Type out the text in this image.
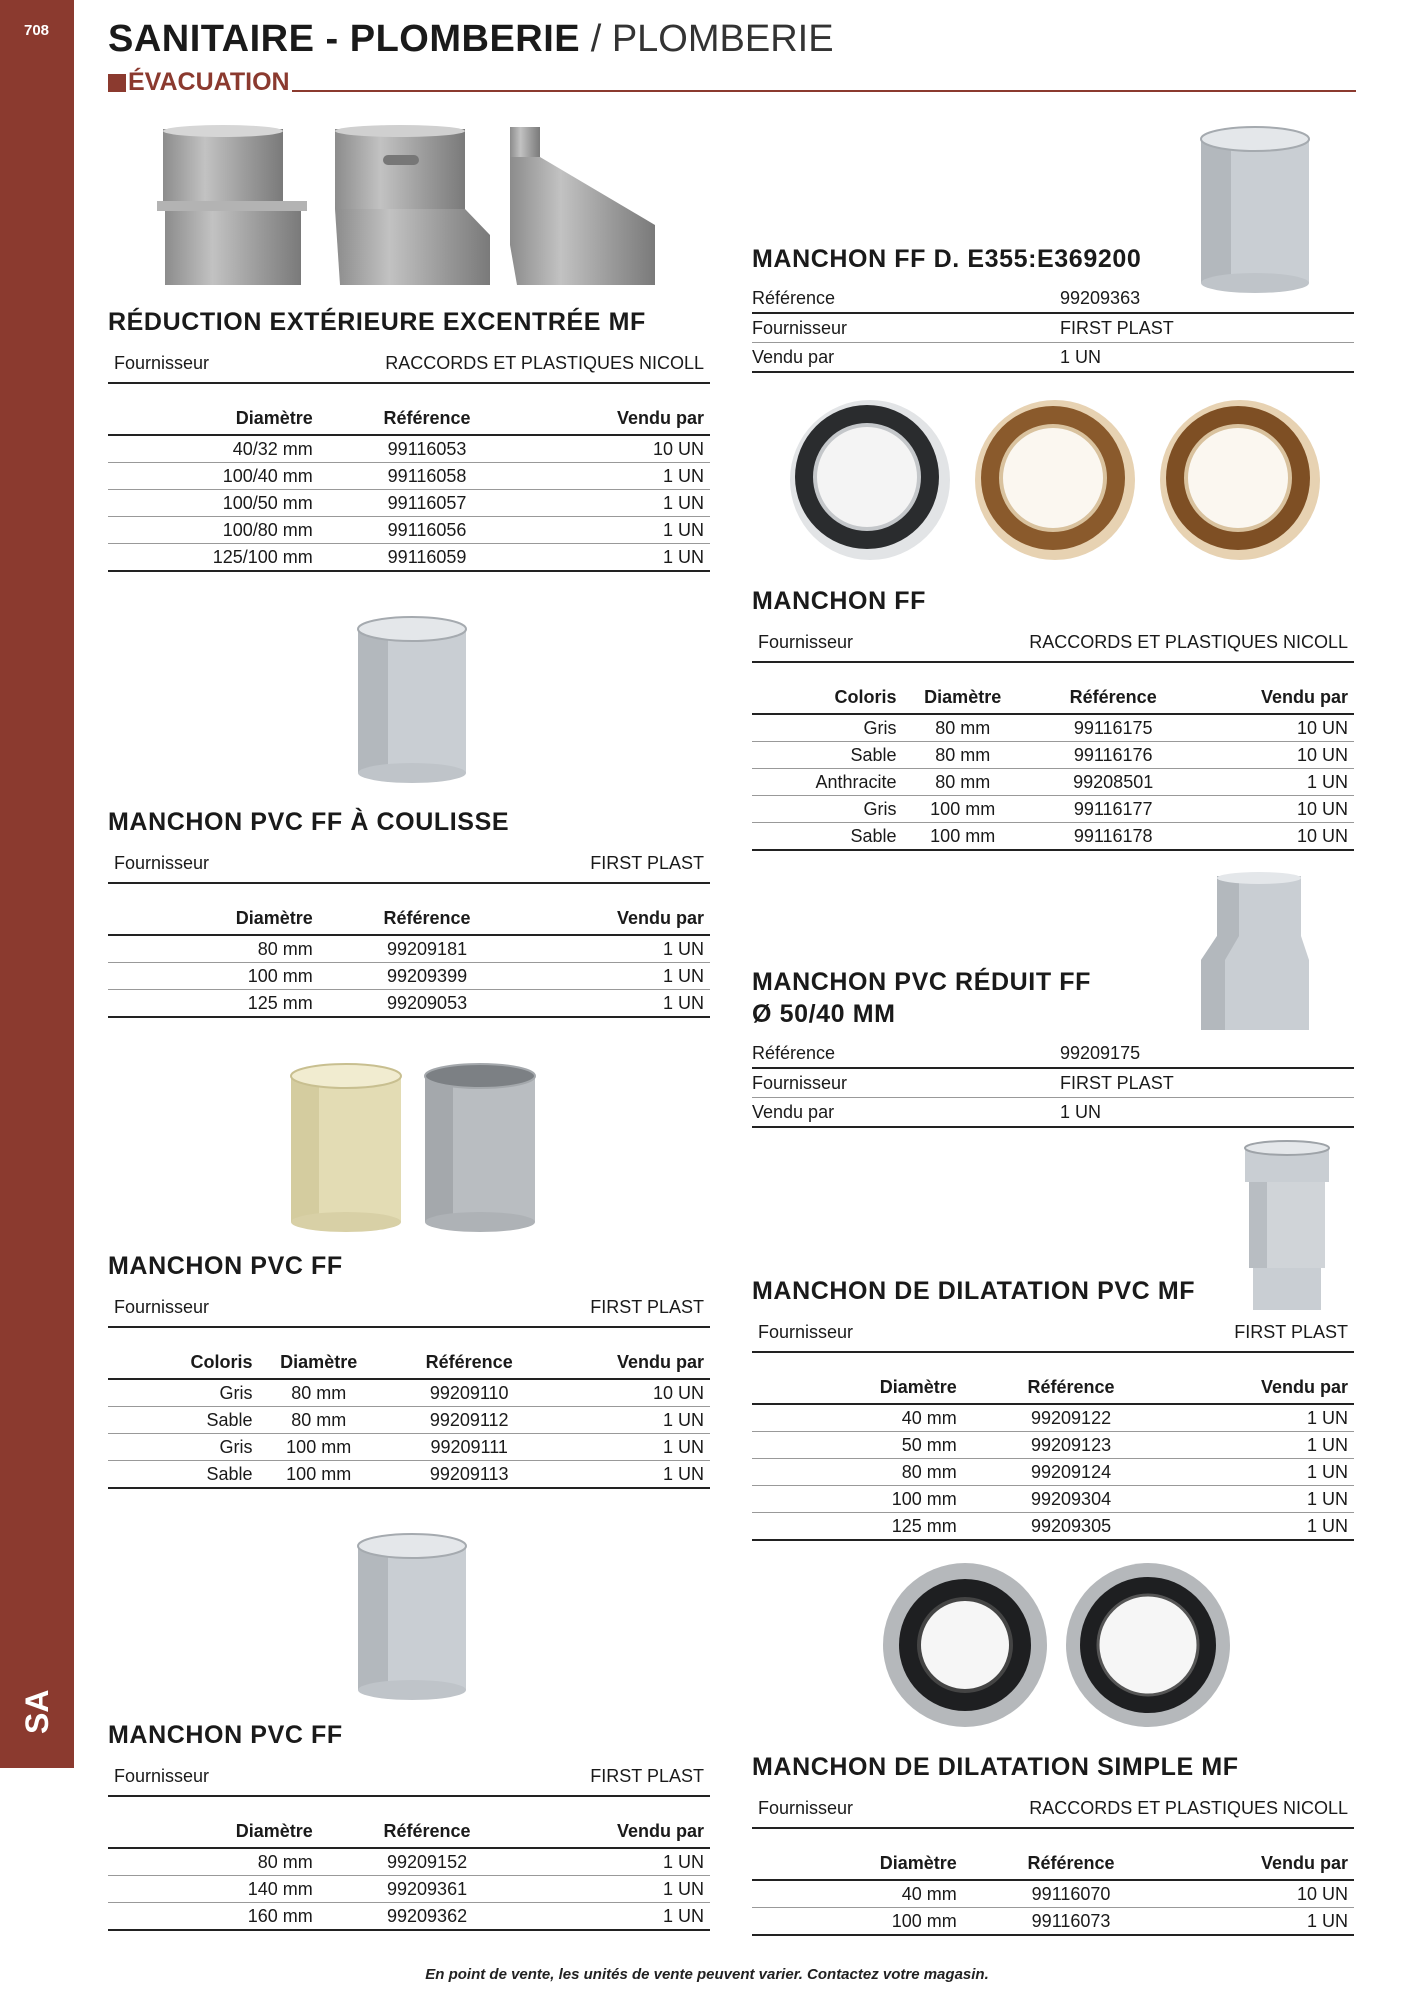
708
SA
SANITAIRE - PLOMBERIE / PLOMBERIE
ÉVACUATION
RÉDUCTION EXTÉRIEURE EXCENTRÉE MF
Fournisseur	RACCORDS ET PLASTIQUES NICOLL
Diamètre	Référence	Vendu par
40/32 mm	99116053	10 UN
100/40 mm	99116058	1 UN
100/50 mm	99116057	1 UN
100/80 mm	99116056	1 UN
125/100 mm	99116059	1 UN
MANCHON PVC FF À COULISSE
Fournisseur	FIRST PLAST
Diamètre	Référence	Vendu par
80 mm	99209181	1 UN
100 mm	99209399	1 UN
125 mm	99209053	1 UN
MANCHON PVC FF
Fournisseur	FIRST PLAST
Coloris	Diamètre	Référence	Vendu par
Gris	80 mm	99209110	10 UN
Sable	80 mm	99209112	1 UN
Gris	100 mm	99209111	1 UN
Sable	100 mm	99209113	1 UN
MANCHON PVC FF
Fournisseur	FIRST PLAST
Diamètre	Référence	Vendu par
80 mm	99209152	1 UN
140 mm	99209361	1 UN
160 mm	99209362	1 UN
MANCHON FF D. E355:E369200
Référence	99209363
Fournisseur	FIRST PLAST
Vendu par	1 UN
MANCHON FF
Fournisseur	RACCORDS ET PLASTIQUES NICOLL
Coloris	Diamètre	Référence	Vendu par
Gris	80 mm	99116175	10 UN
Sable	80 mm	99116176	10 UN
Anthracite	80 mm	99208501	1 UN
Gris	100 mm	99116177	10 UN
Sable	100 mm	99116178	10 UN
MANCHON PVC RÉDUIT FF
Ø 50/40 MM
Référence	99209175
Fournisseur	FIRST PLAST
Vendu par	1 UN
MANCHON DE DILATATION PVC MF
Fournisseur	FIRST PLAST
Diamètre	Référence	Vendu par
40 mm	99209122	1 UN
50 mm	99209123	1 UN
80 mm	99209124	1 UN
100 mm	99209304	1 UN
125 mm	99209305	1 UN
MANCHON DE DILATATION SIMPLE MF
Fournisseur	RACCORDS ET PLASTIQUES NICOLL
Diamètre	Référence	Vendu par
40 mm	99116070	10 UN
100 mm	99116073	1 UN
En point de vente, les unités de vente peuvent varier. Contactez votre magasin.
